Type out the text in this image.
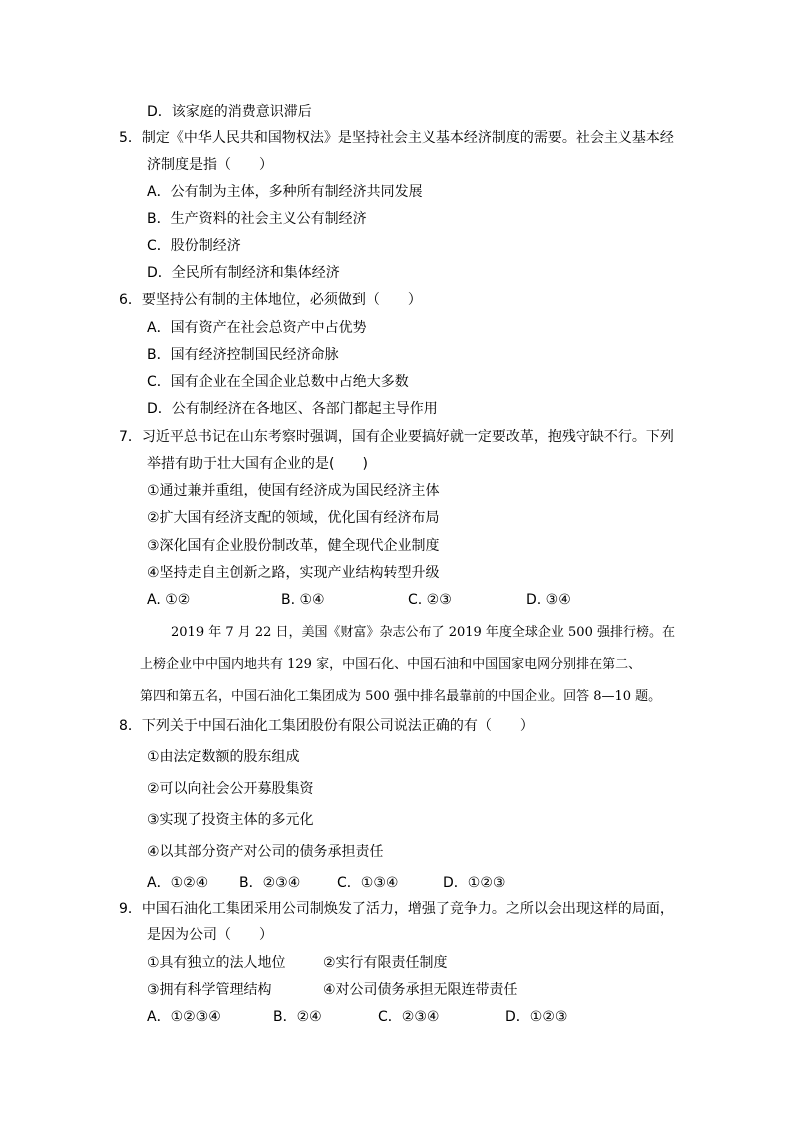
D．该家庭的消费意识滞后
5．制定《中华人民共和国物权法》是坚持社会主义基本经济制度的需要。社会主义基本经
济制度是指（　　）
A．公有制为主体，多种所有制经济共同发展
B．生产资料的社会主义公有制经济
C．股份制经济
D．全民所有制经济和集体经济
6．要坚持公有制的主体地位，必须做到（　　）
A．国有资产在社会总资产中占优势
B．国有经济控制国民经济命脉
C．国有企业在全国企业总数中占绝大多数
D．公有制经济在各地区、各部门都起主导作用
7．习近平总书记在山东考察时强调，国有企业要搞好就一定要改革，抱残守缺不行。下列
举措有助于壮大国有企业的是(　　)
①通过兼并重组，使国有经济成为国民经济主体
②扩大国有经济支配的领域，优化国有经济布局
③深化国有企业股份制改革，健全现代企业制度
④坚持走自主创新之路，实现产业结构转型升级
A. ①②	B. ①④	C. ②③	D. ③④
2019 年 7 月 22 日，美国《财富》杂志公布了 2019 年度全球企业 500 强排行榜。在
上榜企业中中国内地共有 129 家，中国石化、中国石油和中国国家电网分别排在第二、
第四和第五名，中国石油化工集团成为 500 强中排名最靠前的中国企业。回答 8—10 题。
8．下列关于中国石油化工集团股份有限公司说法正确的有（　　）
①由法定数额的股东组成
②可以向社会公开募股集资
③实现了投资主体的多元化
④以其部分资产对公司的债务承担责任
A．①②④ B．②③④	C．①③④	D．①②③
9．中国石油化工集团采用公司制焕发了活力，增强了竞争力。之所以会出现这样的局面，
是因为公司（　　）
①具有独立的法人地位	②实行有限责任制度
③拥有科学管理结构	④对公司债务承担无限连带责任
A．①②③④	B．②④	C．②③④	D．①②③
